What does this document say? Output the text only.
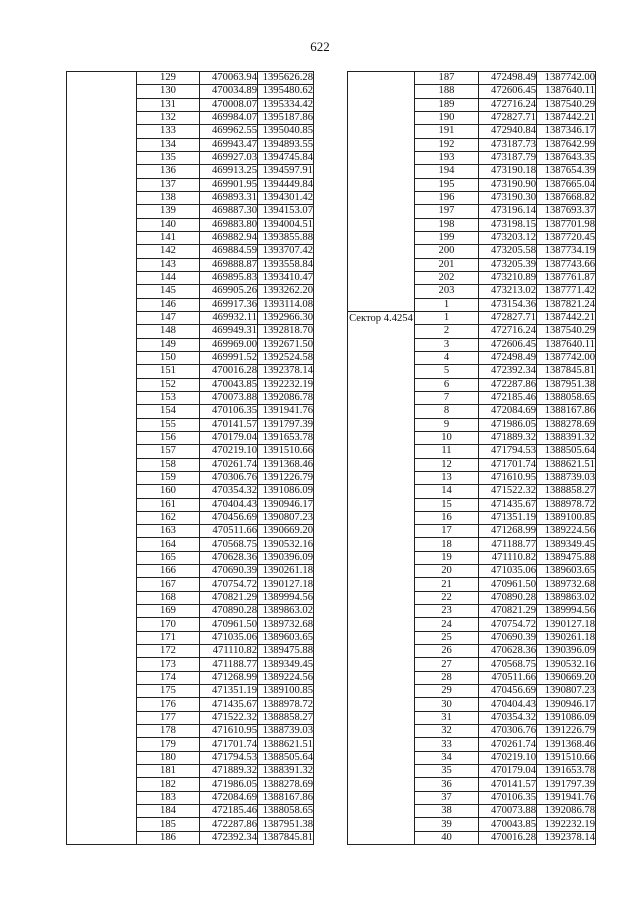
622
	129	470063.94	1395626.28
	130	470034.89	1395480.62
	131	470008.07	1395334.42
	132	469984.07	1395187.86
	133	469962.55	1395040.85
	134	469943.47	1394893.55
	135	469927.03	1394745.84
	136	469913.25	1394597.91
	137	469901.95	1394449.84
	138	469893.31	1394301.42
	139	469887.30	1394153.07
	140	469883.80	1394004.51
	141	469882.94	1393855.88
	142	469884.59	1393707.42
	143	469888.87	1393558.84
	144	469895.83	1393410.47
	145	469905.26	1393262.20
	146	469917.36	1393114.08
	147	469932.11	1392966.30
	148	469949.31	1392818.70
	149	469969.00	1392671.50
	150	469991.52	1392524.58
	151	470016.28	1392378.14
	152	470043.85	1392232.19
	153	470073.88	1392086.78
	154	470106.35	1391941.76
	155	470141.57	1391797.39
	156	470179.04	1391653.78
	157	470219.10	1391510.66
	158	470261.74	1391368.46
	159	470306.76	1391226.79
	160	470354.32	1391086.09
	161	470404.43	1390946.17
	162	470456.69	1390807.23
	163	470511.66	1390669.20
	164	470568.75	1390532.16
	165	470628.36	1390396.09
	166	470690.39	1390261.18
	167	470754.72	1390127.18
	168	470821.29	1389994.56
	169	470890.28	1389863.02
	170	470961.50	1389732.68
	171	471035.06	1389603.65
	172	471110.82	1389475.88
	173	471188.77	1389349.45
	174	471268.99	1389224.56
	175	471351.19	1389100.85
	176	471435.67	1388978.72
	177	471522.32	1388858.27
	178	471610.95	1388739.03
	179	471701.74	1388621.51
	180	471794.53	1388505.64
	181	471889.32	1388391.32
	182	471986.05	1388278.69
	183	472084.69	1388167.86
	184	472185.46	1388058.65
	185	472287.86	1387951.38
	186	472392.34	1387845.81
	187	472498.49	1387742.00
	188	472606.45	1387640.11
	189	472716.24	1387540.29
	190	472827.71	1387442.21
	191	472940.84	1387346.17
	192	473187.73	1387642.99
	193	473187.79	1387643.35
	194	473190.18	1387654.39
	195	473190.90	1387665.04
	196	473190.30	1387668.82
	197	473196.14	1387693.37
	198	473198.15	1387701.98
	199	473203.12	1387720.45
	200	473205.58	1387734.19
	201	473205.39	1387743.66
	202	473210.89	1387761.87
	203	473213.02	1387771.42
	1	473154.36	1387821.24
Сектор 4.4254	1	472827.71	1387442.21
	2	472716.24	1387540.29
	3	472606.45	1387640.11
	4	472498.49	1387742.00
	5	472392.34	1387845.81
	6	472287.86	1387951.38
	7	472185.46	1388058.65
	8	472084.69	1388167.86
	9	471986.05	1388278.69
	10	471889.32	1388391.32
	11	471794.53	1388505.64
	12	471701.74	1388621.51
	13	471610.95	1388739.03
	14	471522.32	1388858.27
	15	471435.67	1388978.72
	16	471351.19	1389100.85
	17	471268.99	1389224.56
	18	471188.77	1389349.45
	19	471110.82	1389475.88
	20	471035.06	1389603.65
	21	470961.50	1389732.68
	22	470890.28	1389863.02
	23	470821.29	1389994.56
	24	470754.72	1390127.18
	25	470690.39	1390261.18
	26	470628.36	1390396.09
	27	470568.75	1390532.16
	28	470511.66	1390669.20
	29	470456.69	1390807.23
	30	470404.43	1390946.17
	31	470354.32	1391086.09
	32	470306.76	1391226.79
	33	470261.74	1391368.46
	34	470219.10	1391510.66
	35	470179.04	1391653.78
	36	470141.57	1391797.39
	37	470106.35	1391941.76
	38	470073.88	1392086.78
	39	470043.85	1392232.19
	40	470016.28	1392378.14
